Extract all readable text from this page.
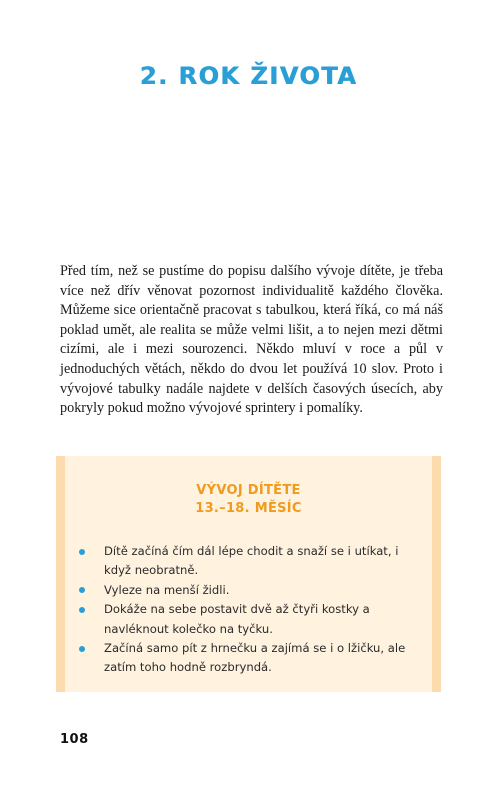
2. ROK ŽIVOTA

Před tím, než se pustíme do popisu dalšího vývoje dítěte, je třeba více než dřív věnovat pozornost individualitě každého člověka. Můžeme sice orientačně pracovat s tabulkou, která říká, co má náš poklad umět, ale realita se může velmi lišit, a to nejen mezi dětmi cizími, ale i mezi sourozenci. Někdo mluví v roce a půl v jednoduchých větách, někdo do dvou let používá 10 slov. Proto i vývojové tabulky nadále najdete v delších časových úsecích, aby pokryly pokud možno vývojové sprintery i pomalíky.

VÝVOJ DÍTĚTE
13.–18. MĚSÍC
Dítě začíná čím dál lépe chodit a snaží se i utíkat, i když neobratně.
Vyleze na menší židli.
Dokáže na sebe postavit dvě až čtyři kostky a navléknout kolečko na tyčku.
Začíná samo pít z hrnečku a zajímá se i o lžičku, ale zatím toho hodně rozbryndá.
108
